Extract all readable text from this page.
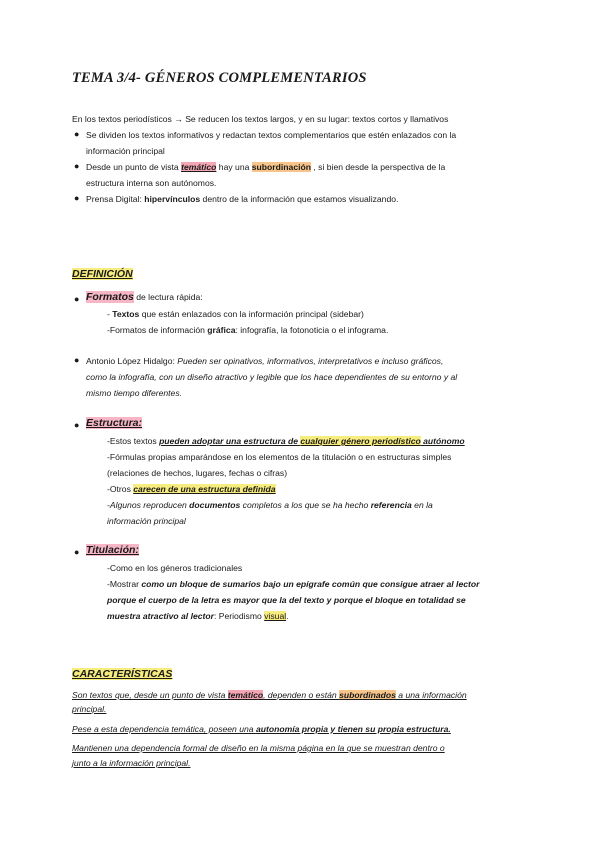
TEMA 3/4- GÉNEROS COMPLEMENTARIOS
En los textos periodísticos → Se reducen los textos largos, y en su lugar: textos cortos y llamativos
● Se dividen los textos informativos y redactan textos complementarios que estén enlazados con la
información principal
● Desde un punto de vista temático hay una subordinación , si bien desde la perspectiva de la
estructura interna son autónomos.
● Prensa Digital: hipervínculos dentro de la información que estamos visualizando.
DEFINICIÓN
● Formatos de lectura rápida:
- Textos que están enlazados con la información principal (sidebar)
-Formatos de información gráfica: infografía, la fotonoticia o el infograma.
● Antonio López Hidalgo: Pueden ser opinativos, informativos, interpretativos e incluso gráficos,
como la infografía, con un diseño atractivo y legible que los hace dependientes de su entorno y al
mismo tiempo diferentes.
● Estructura:
-Estos textos pueden adoptar una estructura de cualquier género periodístico autónomo
-Fórmulas propias amparándose en los elementos de la titulación o en estructuras simples
(relaciones de hechos, lugares, fechas o cifras)
-Otros carecen de una estructura definida
-Algunos reproducen documentos completos a los que se ha hecho referencia en la
información principal
● Titulación:
-Como en los géneros tradicionales
-Mostrar como un bloque de sumarios bajo un epígrafe común que consigue atraer al lector
porque el cuerpo de la letra es mayor que la del texto y porque el bloque en totalidad se
muestra atractivo al lector: Periodismo visual.
CARACTERÍSTICAS
Son textos que, desde un punto de vista temático, dependen o están subordinados a una información
principal.
Pese a esta dependencia temática, poseen una autonomía propia y tienen su propia estructura.
Mantienen una dependencia formal de diseño en la misma página en la que se muestran dentro o
junto a la información principal.
